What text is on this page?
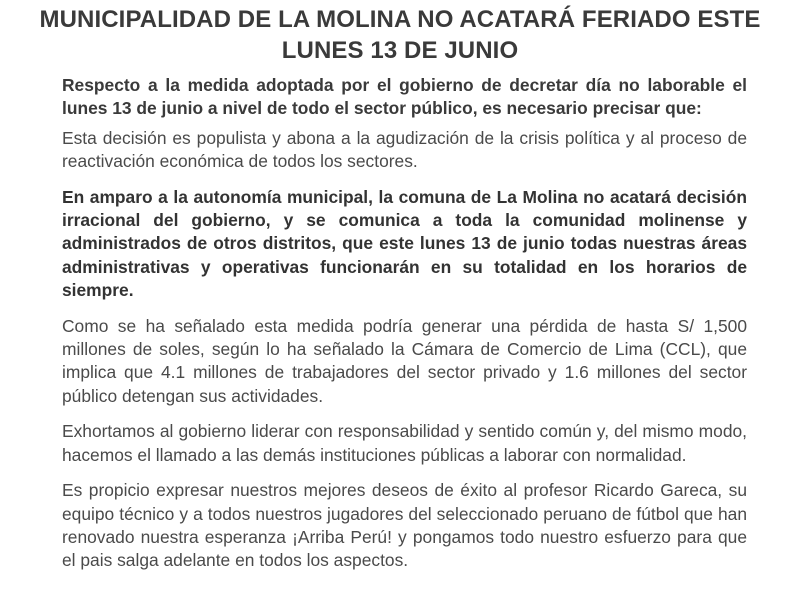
MUNICIPALIDAD DE LA MOLINA NO ACATARÁ FERIADO ESTE
LUNES 13 DE JUNIO

Respecto a la medida adoptada por el gobierno de decretar día no laborable el lunes 13 de junio a nivel de todo el sector público, es necesario precisar que:

Esta decisión es populista y abona a la agudización de la crisis política y al proceso de reactivación económica de todos los sectores.

En amparo a la autonomía municipal, la comuna de La Molina no acatará decisión irracional del gobierno, y se comunica a toda la comunidad molinense y administrados de otros distritos, que este lunes 13 de junio todas nuestras áreas administrativas y operativas funcionarán en su totalidad en los horarios de siempre.

Como se ha señalado esta medida podría generar una pérdida de hasta S/ 1,500 millones de soles, según lo ha señalado la Cámara de Comercio de Lima (CCL), que implica que 4.1 millones de trabajadores del sector privado y 1.6 millones del sector público detengan sus actividades.

Exhortamos al gobierno liderar con responsabilidad y sentido común y, del mismo modo, hacemos el llamado a las demás instituciones públicas a laborar con normalidad.

Es propicio expresar nuestros mejores deseos de éxito al profesor Ricardo Gareca, su equipo técnico y a todos nuestros jugadores del seleccionado peruano de fútbol que han renovado nuestra esperanza ¡Arriba Perú! y pongamos todo nuestro esfuerzo para que el pais salga adelante en todos los aspectos.
